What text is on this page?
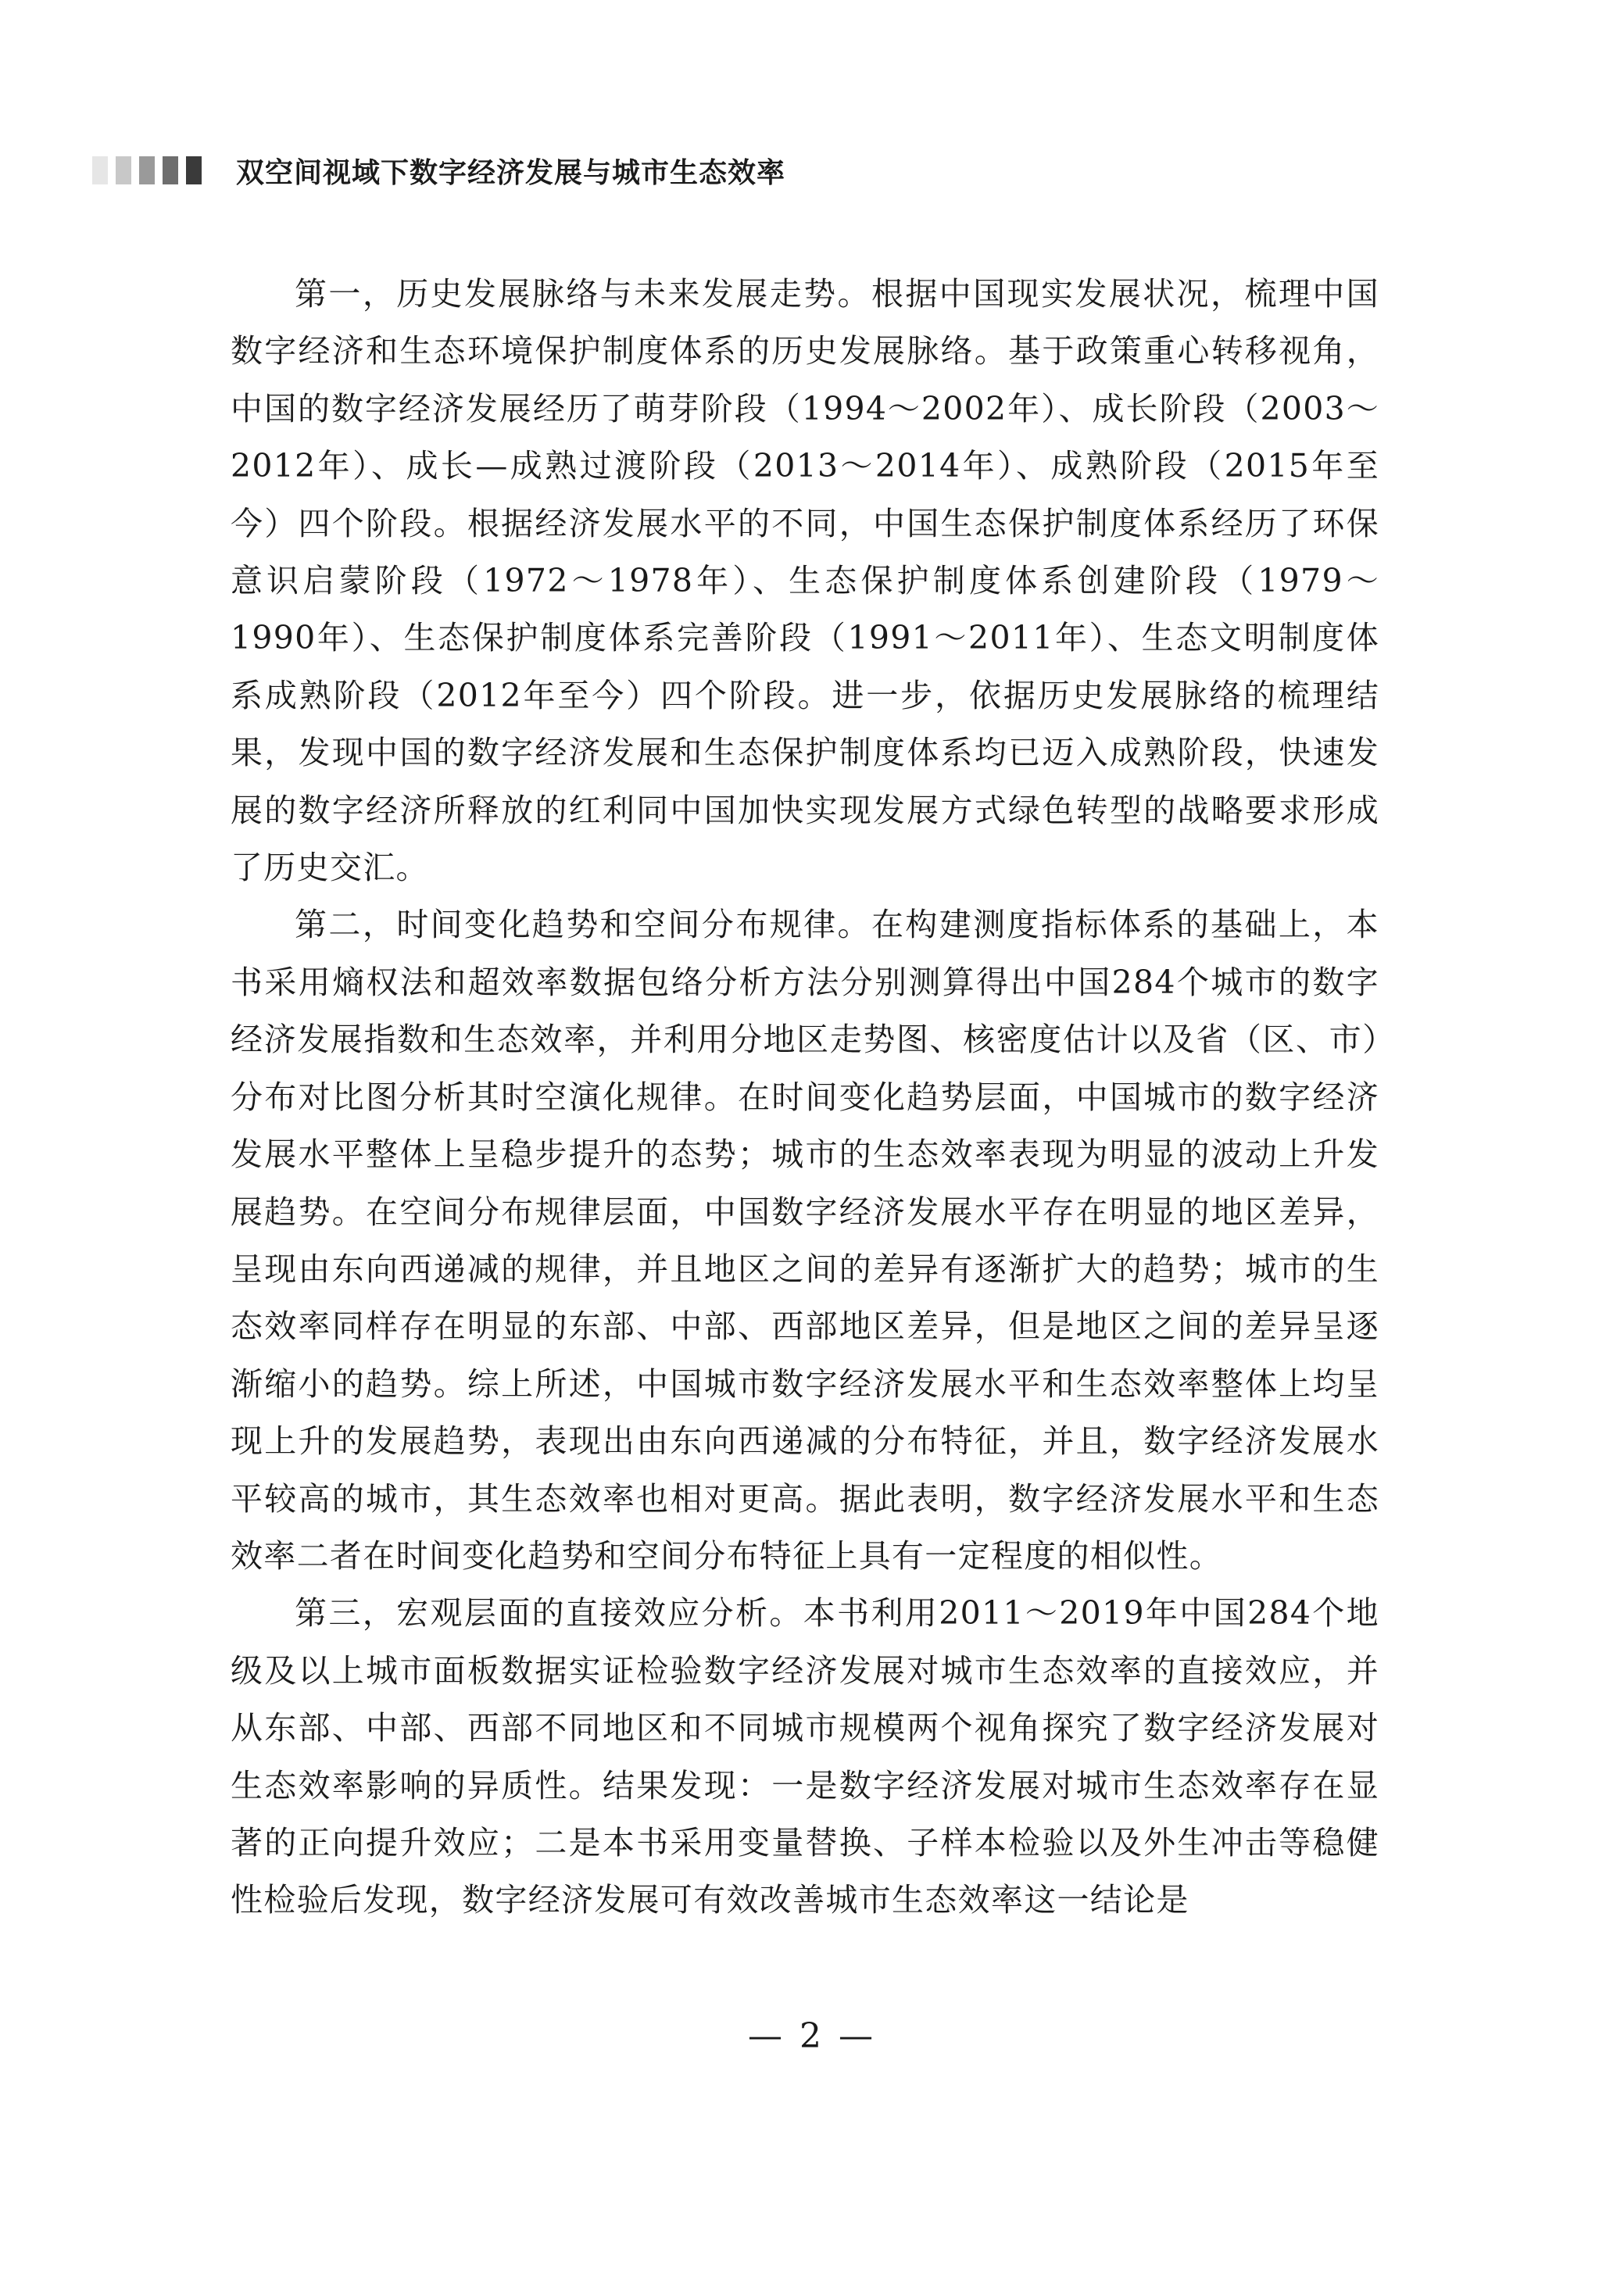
双空间视域下数字经济发展与城市生态效率

第一，历史发展脉络与未来发展走势。根据中国现实发展状况，梳理中国数字经济和生态环境保护制度体系的历史发展脉络。基于政策重心转移视角，中国的数字经济发展经历了萌芽阶段（1994～2002年）、成长阶段（2003～2012年）、成长—成熟过渡阶段（2013～2014年）、成熟阶段（2015年至今）四个阶段。根据经济发展水平的不同，中国生态保护制度体系经历了环保意识启蒙阶段（1972～1978年）、生态保护制度体系创建阶段（1979～1990年）、生态保护制度体系完善阶段（1991～2011年）、生态文明制度体系成熟阶段（2012年至今）四个阶段。进一步，依据历史发展脉络的梳理结果，发现中国的数字经济发展和生态保护制度体系均已迈入成熟阶段，快速发展的数字经济所释放的红利同中国加快实现发展方式绿色转型的战略要求形成了历史交汇。

第二，时间变化趋势和空间分布规律。在构建测度指标体系的基础上，本书采用熵权法和超效率数据包络分析方法分别测算得出中国284个城市的数字经济发展指数和生态效率，并利用分地区走势图、核密度估计以及省（区、市）分布对比图分析其时空演化规律。在时间变化趋势层面，中国城市的数字经济发展水平整体上呈稳步提升的态势；城市的生态效率表现为明显的波动上升发展趋势。在空间分布规律层面，中国数字经济发展水平存在明显的地区差异，呈现由东向西递减的规律，并且地区之间的差异有逐渐扩大的趋势；城市的生态效率同样存在明显的东部、中部、西部地区差异，但是地区之间的差异呈逐渐缩小的趋势。综上所述，中国城市数字经济发展水平和生态效率整体上均呈现上升的发展趋势，表现出由东向西递减的分布特征，并且，数字经济发展水平较高的城市，其生态效率也相对更高。据此表明，数字经济发展水平和生态效率二者在时间变化趋势和空间分布特征上具有一定程度的相似性。

第三，宏观层面的直接效应分析。本书利用2011～2019年中国284个地级及以上城市面板数据实证检验数字经济发展对城市生态效率的直接效应，并从东部、中部、西部不同地区和不同城市规模两个视角探究了数字经济发展对生态效率影响的异质性。结果发现：一是数字经济发展对城市生态效率存在显著的正向提升效应；二是本书采用变量替换、子样本检验以及外生冲击等稳健性检验后发现，数字经济发展可有效改善城市生态效率这一结论是

— 2 —
